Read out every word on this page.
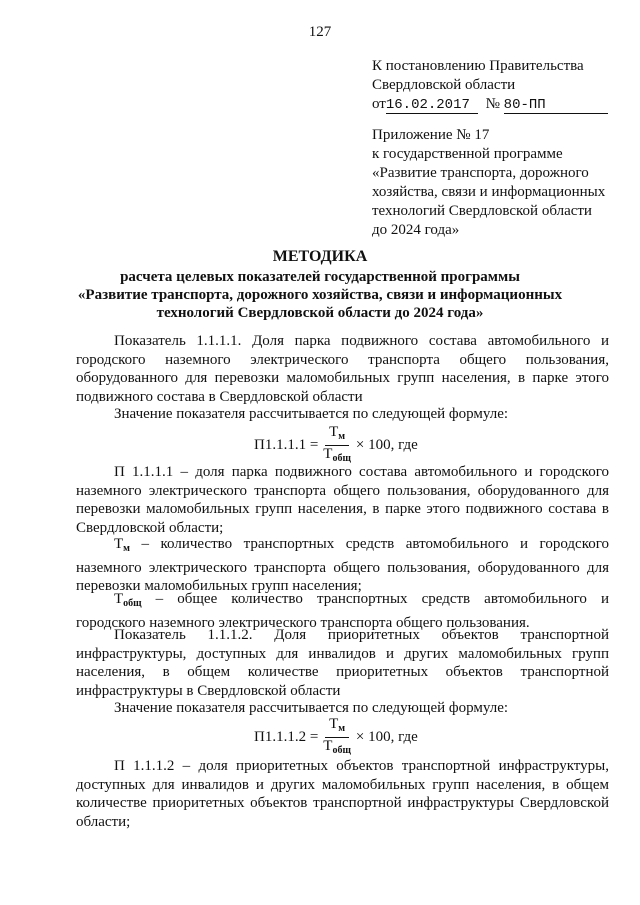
127
К постановлению Правительства
Свердловской области
от16.02.2017 № 80-ПП
Приложение № 17
к государственной программе
«Развитие транспорта, дорожного
хозяйства, связи и информационных
технологий Свердловской области
до 2024 года»
МЕТОДИКА
расчета целевых показателей государственной программы
«Развитие транспорта, дорожного хозяйства, связи и информационных
технологий Свердловской области до 2024 года»
Показатель 1.1.1.1. Доля парка подвижного состава автомобильного и городского наземного электрического транспорта общего пользования, оборудованного для перевозки маломобильных групп населения, в парке этого подвижного состава в Свердловской области
Значение показателя рассчитывается по следующей формуле:
$П1.1.1.1 = \frac{Т_м}{Т_{общ}} \times 100$, где
П 1.1.1.1 – доля парка подвижного состава автомобильного и городского наземного электрического транспорта общего пользования, оборудованного для перевозки маломобильных групп населения, в парке этого подвижного состава в Свердловской области;
$Т_м$ – количество транспортных средств автомобильного и городского наземного электрического транспорта общего пользования, оборудованного для перевозки маломобильных групп населения;
$Т_{общ}$ – общее количество транспортных средств автомобильного и городского наземного электрического транспорта общего пользования.
Показатель 1.1.1.2. Доля приоритетных объектов транспортной инфраструктуры, доступных для инвалидов и других маломобильных групп населения, в общем количестве приоритетных объектов транспортной инфраструктуры в Свердловской области
Значение показателя рассчитывается по следующей формуле:
$П1.1.1.2 = \frac{Т_м}{Т_{общ}} \times 100$, где
П 1.1.1.2 – доля приоритетных объектов транспортной инфраструктуры, доступных для инвалидов и других маломобильных групп населения, в общем количестве приоритетных объектов транспортной инфраструктуры Свердловской области;
